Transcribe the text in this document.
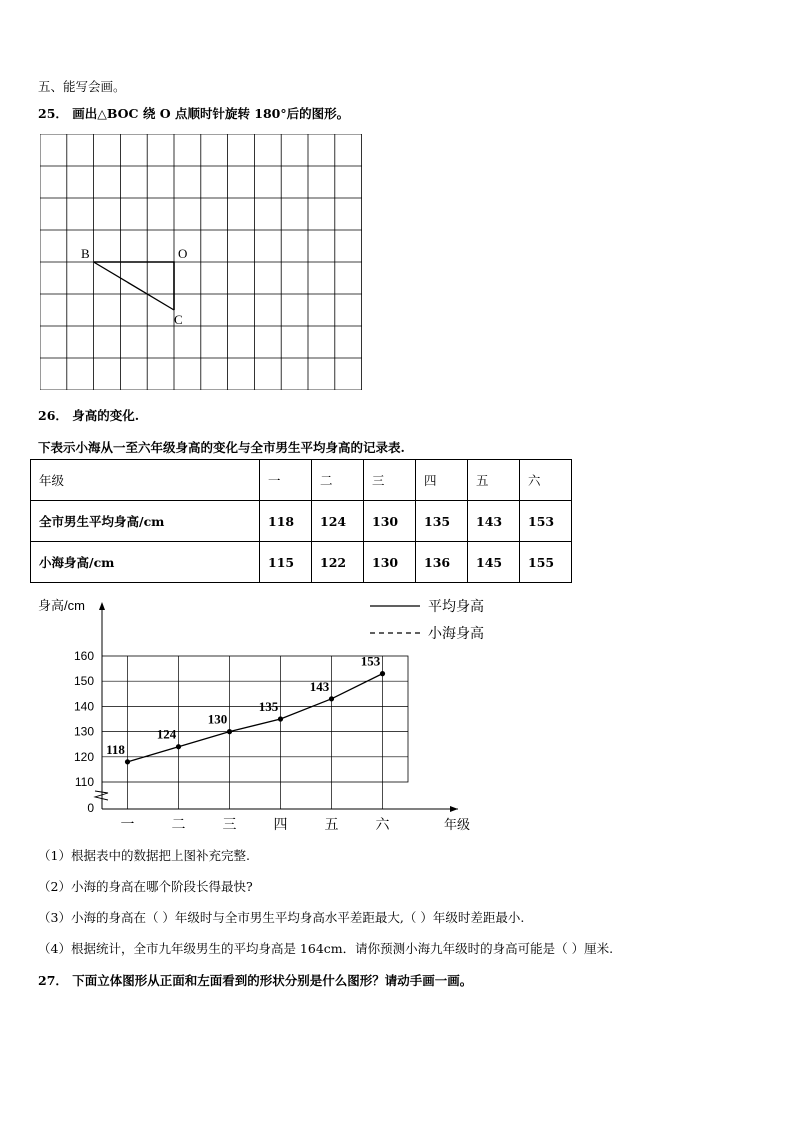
五、能写会画。
25． 画出△BOC 绕 O 点顺时针旋转 180°后的图形。
B	O
C
26． 身高的变化.
下表示小海从一至六年级身高的变化与全市男生平均身高的记录表.
年级	一	二	三	四	五	六
全市男生平均身高/cm	118	124	130	135	143	153
小海身高/cm	115	122	130	136	145	155
0
110
120
130
140
150
160
身高/cm
一	二	三	四	五	六	年级
118
124
130
135
143
153
平均身高
小海身高
（1）根据表中的数据把上图补充完整.
（2）小海的身高在哪个阶段长得最快?
（3）小海的身高在（ ）年级时与全市男生平均身高水平差距最大,（ ）年级时差距最小.
（4）根据统计，全市九年级男生的平均身高是 164cm．请你预测小海九年级时的身高可能是（ ）厘米.
27． 下面立体图形从正面和左面看到的形状分别是什么图形？请动手画一画。
